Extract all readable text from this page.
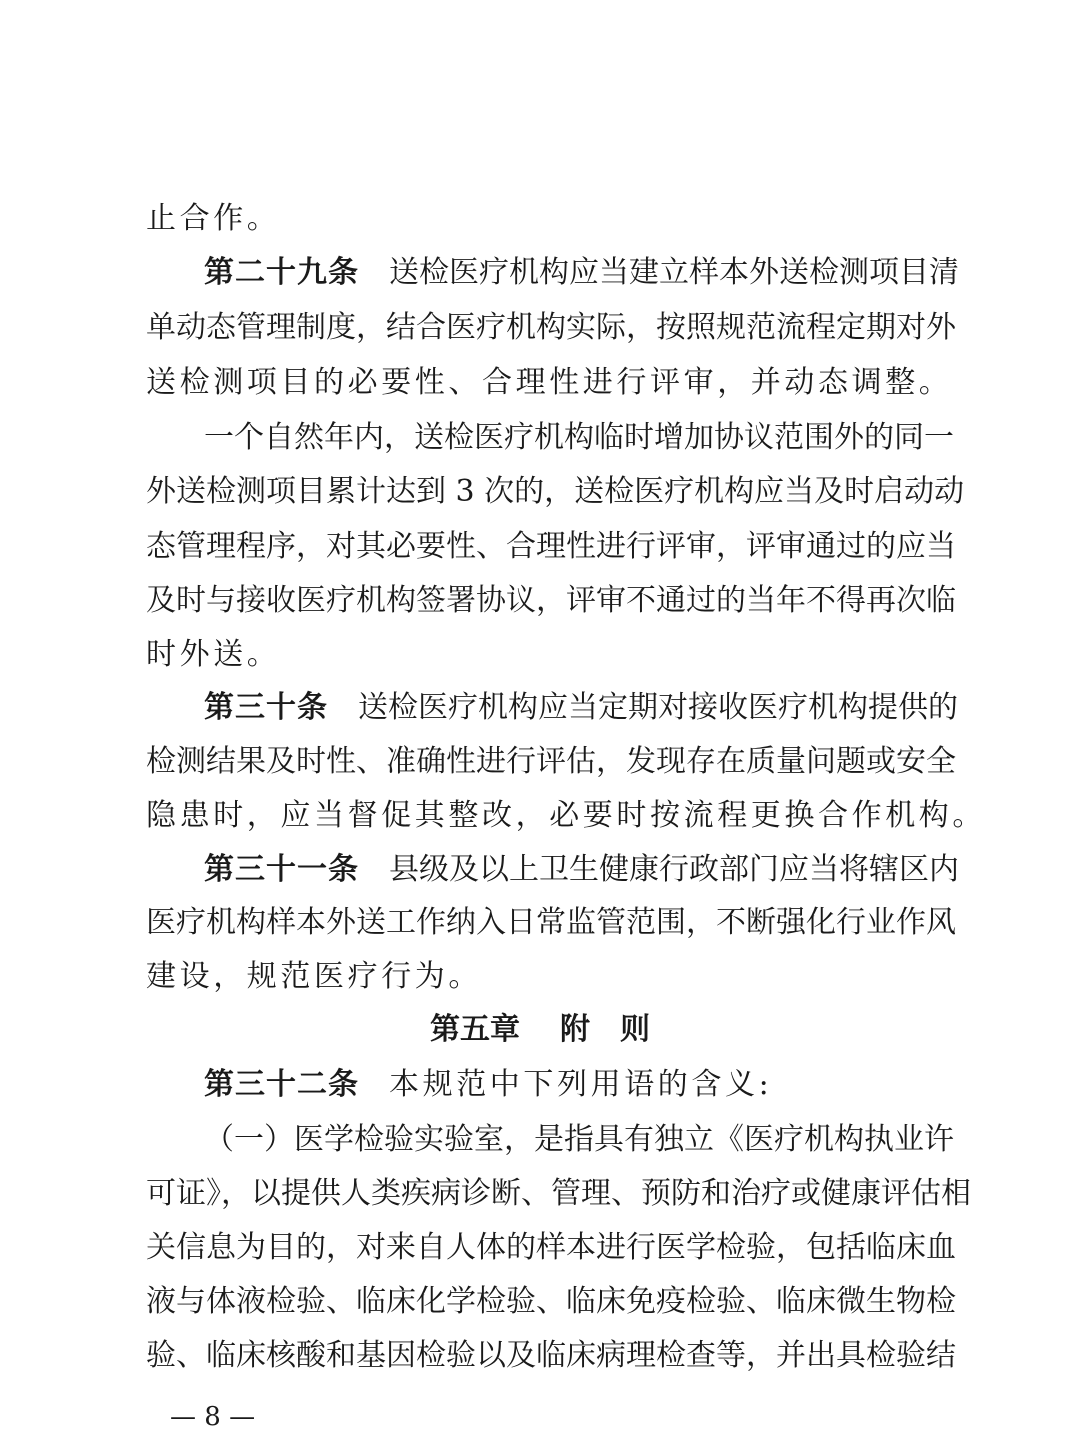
止合作。
第二十九条 送检医疗机构应当建立样本外送检测项目清
单动态管理制度，结合医疗机构实际，按照规范流程定期对外
送检测项目的必要性、合理性进行评审，并动态调整。
一个自然年内，送检医疗机构临时增加协议范围外的同一
外送检测项目累计达到 3 次的，送检医疗机构应当及时启动动
态管理程序，对其必要性、合理性进行评审，评审通过的应当
及时与接收医疗机构签署协议，评审不通过的当年不得再次临
时外送。
第三十条 送检医疗机构应当定期对接收医疗机构提供的
检测结果及时性、准确性进行评估，发现存在质量问题或安全
隐患时，应当督促其整改，必要时按流程更换合作机构。
第三十一条 县级及以上卫生健康行政部门应当将辖区内
医疗机构样本外送工作纳入日常监管范围，不断强化行业作风
建设，规范医疗行为。
第五章 附　则
第三十二条 本规范中下列用语的含义:
（一）医学检验实验室，是指具有独立《医疗机构执业许
可证》，以提供人类疾病诊断、管理、预防和治疗或健康评估相
关信息为目的，对来自人体的样本进行医学检验，包括临床血
液与体液检验、临床化学检验、临床免疫检验、临床微生物检
验、临床核酸和基因检验以及临床病理检查等，并出具检验结
— 8 —
